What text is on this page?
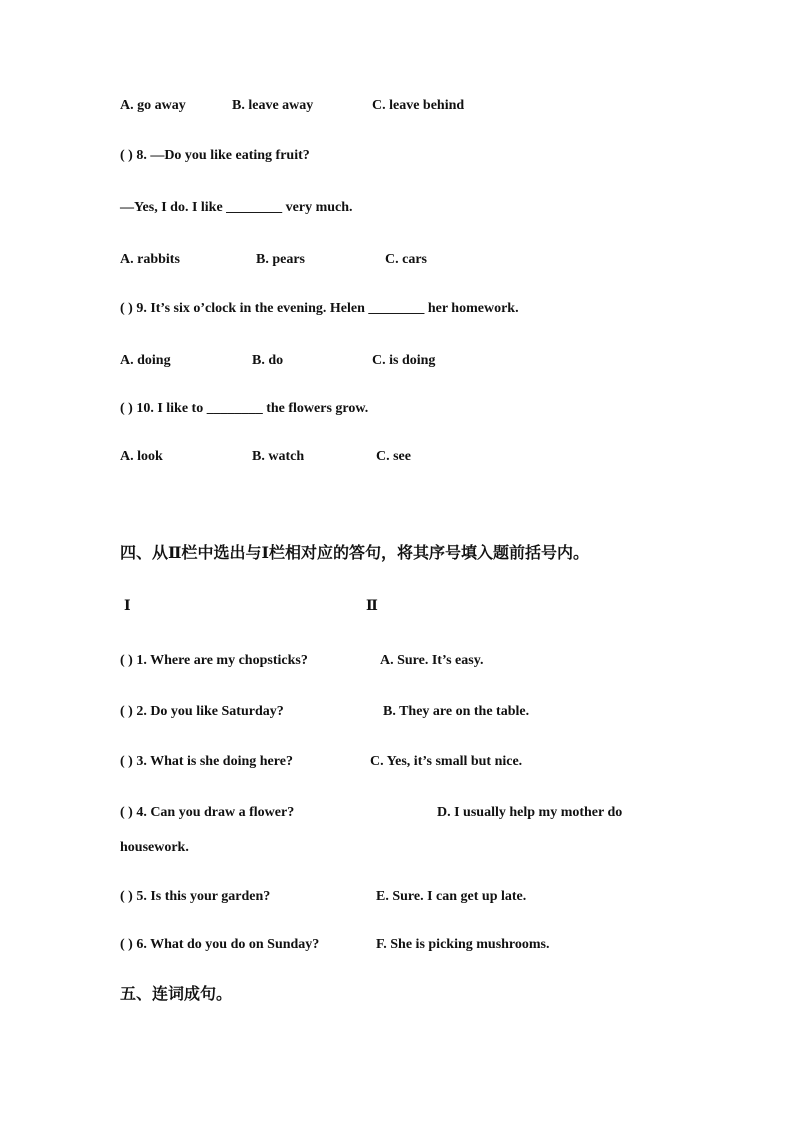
A. go away	B. leave away	C. leave behind
( ) 8. —Do you like eating fruit?
—Yes, I do. I like ________ very much.
A. rabbits	B. pears	C. cars
( ) 9. It’s six o’clock in the evening. Helen ________ her homework.
A. doing	B. do	C. is doing
( ) 10. I like to ________ the flowers grow.
A. look	B. watch	C. see
四、从Ⅱ栏中选出与Ⅰ栏相对应的答句，将其序号填入题前括号内。
Ⅰ	Ⅱ
( ) 1. Where are my chopsticks?	A. Sure. It’s easy.
( ) 2. Do you like Saturday?	B. They are on the table.
( ) 3. What is she doing here?	C. Yes, it’s small but nice.
( ) 4. Can you draw a flower?	D. I usually help my mother do
housework.
( ) 5. Is this your garden?	E. Sure. I can get up late.
( ) 6. What do you do on Sunday?	F. She is picking mushrooms.
五、连词成句。
